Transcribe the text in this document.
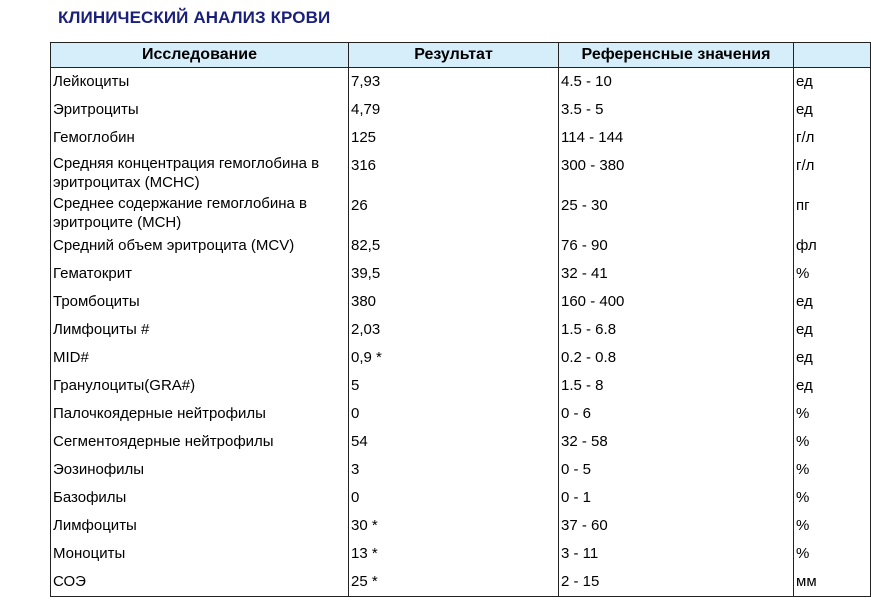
КЛИНИЧЕСКИЙ АНАЛИЗ КРОВИ
Исследование	Результат	Референсные значения	
Лейкоциты	7,93	4.5 - 10	ед
Эритроциты	4,79	3.5 - 5	ед
Гемоглобин	125	114 - 144	г/л
Средняя концентрация гемоглобина в эритроцитах (MCHC)	316	300 - 380	г/л
Среднее содержание гемоглобина в эритроците (MCH)	26	25 - 30	пг
Средний объем эритроцита (MCV)	82,5	76 - 90	фл
Гематокрит	39,5	32 - 41	%
Тромбоциты	380	160 - 400	ед
Лимфоциты #	2,03	1.5 - 6.8	ед
MID#	0,9 *	0.2 - 0.8	ед
Гранулоциты(GRA#)	5	1.5 - 8	ед
Палочкоядерные нейтрофилы	0	0 - 6	%
Сегментоядерные нейтрофилы	54	32 - 58	%
Эозинофилы	3	0 - 5	%
Базофилы	0	0 - 1	%
Лимфоциты	30 *	37 - 60	%
Моноциты	13 *	3 - 11	%
СОЭ	25 *	2 - 15	мм
